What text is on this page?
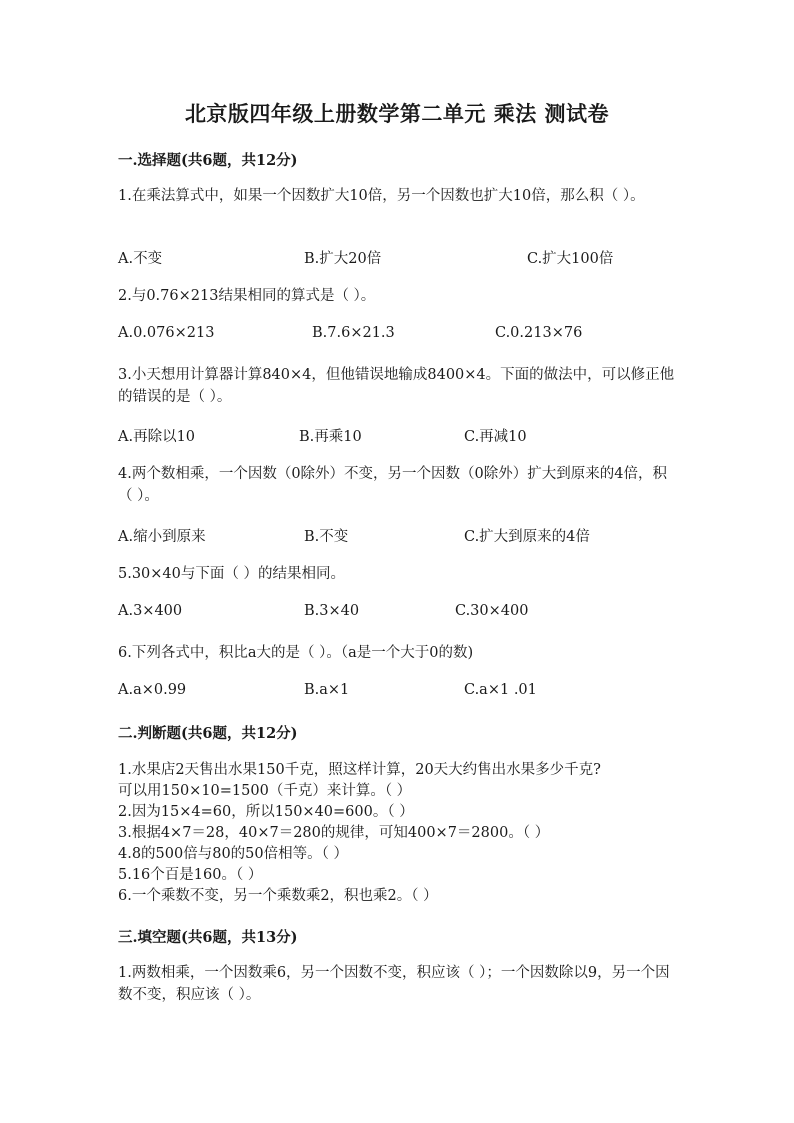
北京版四年级上册数学第二单元 乘法 测试卷
一.选择题(共6题，共12分)
1.在乘法算式中，如果一个因数扩大10倍，另一个因数也扩大10倍，那么积（ ）。
A.不变	B.扩大20倍	C.扩大100倍
2.与0.76×213结果相同的算式是（ ）。
A.0.076×213	B.7.6×21.3	C.0.213×76
3.小天想用计算器计算840×4，但他错误地输成8400×4。下面的做法中，可以修正他的错误的是（ ）。
A.再除以10	B.再乘10	C.再减10
4.两个数相乘，一个因数（0除外）不变，另一个因数（0除外）扩大到原来的4倍，积（ ）。
A.缩小到原来	B.不变	C.扩大到原来的4倍
5.30×40与下面（ ）的结果相同。
A.3×400	B.3×40	C.30×400
6.下列各式中，积比a大的是（ ）。（a是一个大于0的数)
A.a×0.99	B.a×1	C.a×1 .01
二.判断题(共6题，共12分)
1.水果店2天售出水果150千克，照这样计算，20天大约售出水果多少千克?
可以用150×10=1500（千克）来计算。（ ）
2.因为15×4=60，所以150×40=600。（ ）
3.根据4×7＝28，40×7＝280的规律，可知400×7＝2800。（ ）
4.8的500倍与80的50倍相等。（ ）
5.16个百是160。（ ）
6.一个乘数不变，另一个乘数乘2，积也乘2。（ ）
三.填空题(共6题，共13分)
1.两数相乘，一个因数乘6，另一个因数不变，积应该（ ）；一个因数除以9，另一个因数不变，积应该（ ）。
